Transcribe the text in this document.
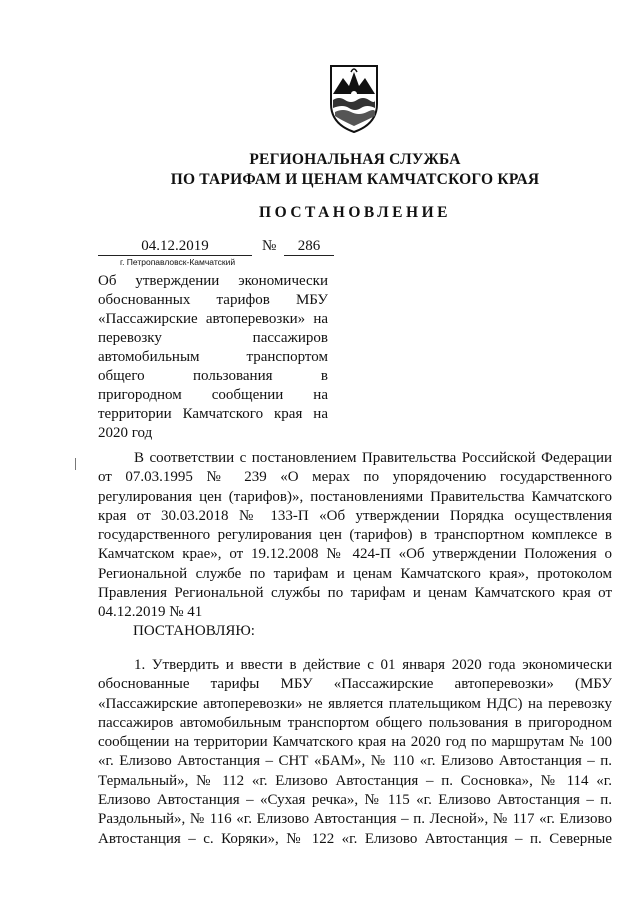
РЕГИОНАЛЬНАЯ СЛУЖБА
ПО ТАРИФАМ И ЦЕНАМ КАМЧАТСКОГО КРАЯ
ПОСТАНОВЛЕНИЕ
04.12.2019	№	286
г. Петропавловск-Камчатский
Об утверждении экономически
обоснованных тарифов МБУ
«Пассажирские автоперевозки» на
перевозку пассажиров
автомобильным транспортом
общего пользования в
пригородном сообщении на
территории Камчатского края на
2020 год
В соответствии с постановлением Правительства Российской Федерации
от 07.03.1995 № 239 «О мерах по упорядочению государственного
регулирования цен (тарифов)», постановлениями Правительства Камчатского
края от 30.03.2018 № 133-П «Об утверждении Порядка осуществления
государственного регулирования цен (тарифов) в транспортном комплексе в
Камчатском крае», от 19.12.2008 № 424-П «Об утверждении Положения о
Региональной службе по тарифам и ценам Камчатского края», протоколом
Правления Региональной службы по тарифам и ценам Камчатского края от
04.12.2019 № 41
ПОСТАНОВЛЯЮ:
1. Утвердить и ввести в действие с 01 января 2020 года экономически
обоснованные тарифы МБУ «Пассажирские автоперевозки» (МБУ
«Пассажирские автоперевозки» не является плательщиком НДС) на перевозку
пассажиров автомобильным транспортом общего пользования в пригородном
сообщении на территории Камчатского края на 2020 год по маршрутам № 100
«г. Елизово Автостанция – СНТ «БАМ», № 110 «г. Елизово Автостанция – п.
Термальный», № 112 «г. Елизово Автостанция – п. Сосновка», № 114 «г.
Елизово Автостанция – «Сухая речка», № 115 «г. Елизово Автостанция – п.
Раздольный», № 116 «г. Елизово Автостанция – п. Лесной», № 117 «г. Елизово
Автостанция – с. Коряки», № 122 «г. Елизово Автостанция – п. Северные
